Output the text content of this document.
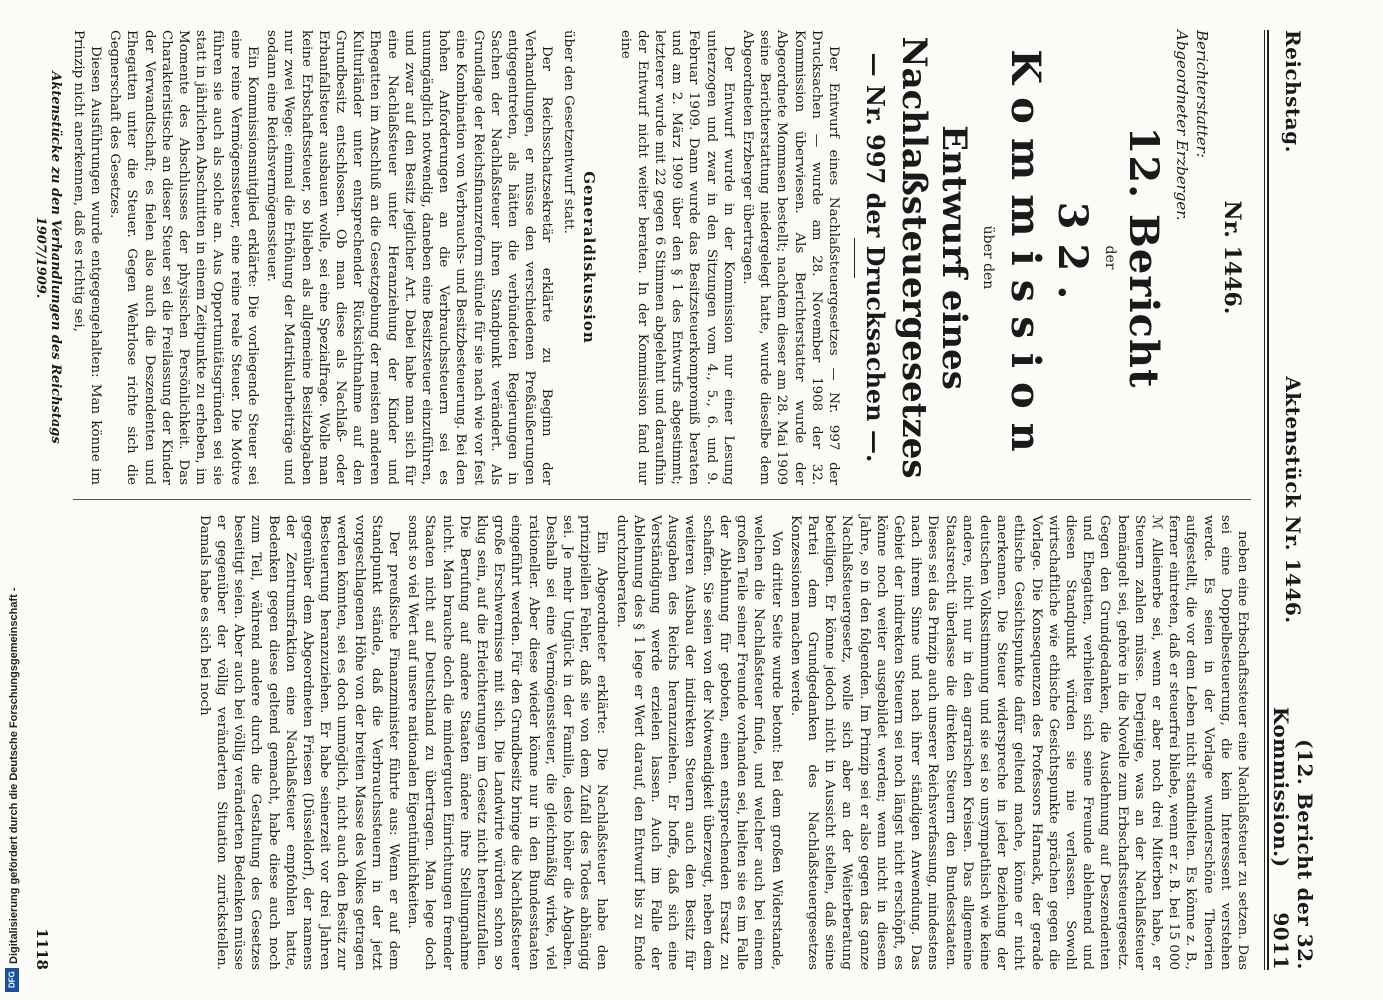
Reichstag.
Aktenstück Nr. 1446.
(12. Bericht der 32. Kommission.)      9011
Nr. 1446.
Berichterstatter:
Abgeordneter Erzberger.
12. Bericht
der
32. Kommission
über den
Entwurf eines Nachlaßsteuergesetzes
— Nr. 997 der Drucksachen —.

Der Entwurf eines Nachlaßsteuergesetzes — Nr. 997 der Drucksachen — wurde am 28. November 1908 der 32. Kommission überwiesen. Als Berichterstatter wurde der Abgeordnete Mommsen bestellt; nachdem dieser am 28. Mai 1909 seine Berichterstattung niedergelegt hatte, wurde dieselbe dem Abgeordneten Erzberger übertragen.

Der Entwurf wurde in der Kommission nur einer Lesung unterzogen und zwar in den Sitzungen vom 4., 5., 6. und 9. Februar 1909. Dann wurde das Besitzsteuerkompromiß beraten und am 2. März 1909 über den § 1 des Entwurfs abgestimmt; letzterer wurde mit 22 gegen 6 Stimmen abgelehnt und daraufhin der Entwurf nicht weiter beraten. In der Kommission fand nur eine

Generaldiskussion
über den Gesetzentwurf statt.

Der Reichsschatzsekretär erklärte zu Beginn der Verhandlungen, er müsse den verschiedenen Preßäußerungen entgegentreten, als hätten die verbündeten Regierungen in Sachen der Nachlaßsteuer ihren Standpunkt verändert. Als Grundlage der Reichsfinanzreform stünde für sie nach wie vor fest eine Kombination von Verbrauchs- und Besitzbesteuerung. Bei den hohen Anforderungen an die Verbrauchssteuern sei es unumgänglich notwendig, daneben eine Besitzsteuer einzuführen, und zwar auf den Besitz jeglicher Art. Dabei habe man sich für eine Nachlaßsteuer unter Heranziehung der Kinder und Ehegatten im Anschluß an die Gesetzgebung der meisten anderen Kulturländer unter entsprechender Rücksichtnahme auf den Grundbesitz entschlossen. Ob man diese als Nachlaß- oder Erbanfallsteuer ausbauen wolle, sei eine Spezialfrage. Wolle man keine Erbschaftssteuer, so blieben als allgemeine Besitzabgaben nur zwei Wege: einmal die Erhöhung der Matrikularbeiträge und sodann eine Reichsvermögenssteuer.

Ein Kommissionsmitglied erklärte: Die vorliegende Steuer sei eine reine Vermögenssteuer, eine reine reale Steuer. Die Motive führen sie auch als solche an. Aus Opportunitätsgründen sei sie statt in jährlichen Abschnitten in einem Zeitpunkte zu erheben, im Momente des Abschlusses der physischen Persönlichkeit. Das Charakteristische an dieser Steuer sei die Freilassung der Kinder der Verwandtschaft; es fielen also auch die Deszendenten und Ehegatten unter die Steuer. Gegen Wehrlose richte sich die Gegnerschaft des Gesetzes.

Diesen Ausführungen wurde entgegengehalten: Man könne im Prinzip nicht anerkennen, daß es richtig sei,

neben eine Erbschaftssteuer eine Nachlaßsteuer zu setzen. Das sei eine Doppelbesteuerung, die kein Interessent verstehen werde. Es seien in der Vorlage wunderschöne Theorien aufgestellt, die vor dem Leben nicht standhielten. Es könne z. B., ferner eintreten, daß er steuerfrei bliebe, wenn er z. B. bei 15 000 ℳ Alleinerbe sei, wenn er aber noch drei Miterben habe, er Steuern zahlen müsse. Derjenige, was an der Nachlaßsteuer bemängelt sei, gehöre in die Novelle zum Erbschaftssteuergesetz. Gegen den Grundgedanken, die Ausdehnung auf Deszendenten und Ehegatten, verhielten sich seine Freunde ablehnend und diesen Standpunkt würden sie nie verlassen. Sowohl wirtschaftliche wie ethische Gesichtspunkte sprächen gegen die Vorlage. Die Konsequenzen des Professors Harnack, der gerade ethische Gesichtspunkte dafür geltend mache, könne er nicht anerkennen. Die Steuer widerspreche in jeder Beziehung der deutschen Volksstimmung und sie sei so unsympathisch wie keine andere, nicht nur in den agrarischen Kreisen. Das allgemeine Staatsrecht überlasse die direkten Steuern den Bundesstaaten. Dieses sei das Prinzip auch unserer Reichsverfassung, mindestens nach ihrem Sinne und nach ihrer ständigen Anwendung. Das Gebiet der indirekten Steuern sei noch längst nicht erschöpft, es könne noch weiter ausgebildet werden; wenn nicht in diesem Jahre, so in den folgenden. Im Prinzip sei er also gegen das ganze Nachlaßsteuergesetz, wolle sich aber an der Weiterberatung beteiligen. Er könne jedoch nicht in Aussicht stellen, daß seine Partei dem Grundgedanken des Nachlaßsteuergesetzes Konzessionen machen werde.

Von dritter Seite wurde betont: Bei dem großen Widerstande, welchen die Nachlaßsteuer finde, und welcher auch bei einem großen Teile seiner Freunde vorhanden sei, hielten sie es im Falle der Ablehnung für geboten, einen entsprechenden Ersatz zu schaffen. Sie seien von der Notwendigkeit überzeugt, neben dem weiteren Ausbau der indirekten Steuern auch den Besitz für Ausgaben des Reichs heranzuziehen. Er hoffe, daß sich eine Verständigung werde erzielen lassen. Auch im Falle der Ablehnung des § 1 lege er Wert darauf, den Entwurf bis zu Ende durchzuberaten.

Ein Abgeordneter erklärte: Die Nachlaßsteuer habe den prinzipiellen Fehler, daß sie von dem Zufall des Todes abhängig sei. Je mehr Unglück in der Familie, desto höher die Abgaben. Deshalb sei eine Vermögenssteuer, die gleichmäßig wirke, viel rationeller. Aber diese wieder könne nur in den Bundesstaaten eingeführt werden. Für den Grundbesitz bringe die Nachlaßsteuer große Erschwernisse mit sich. Die Landwirte würden schon so klug sein, auf die Erleichterungen im Gesetz nicht hereinzufallen. Die Berufung auf andere Staaten ändere ihre Stellungnahme nicht. Man brauche doch die minderguten Einrichtungen fremder Staaten nicht auf Deutschland zu übertragen. Man lege doch sonst so viel Wert auf unsere nationalen Eigentümlichkeiten.

Der preußische Finanzminister führte aus: Wenn er auf dem Standpunkt stände, daß die Verbrauchssteuern in der jetzt vorgeschlagenen Höhe von der breiten Masse des Volkes getragen werden könnten, sei es doch unmöglich, nicht auch den Besitz zur Besteuerung heranzuziehen. Er habe seinerzeit vor drei Jahren gegenüber dem Abgeordneten Friesen (Düsseldorf), der namens der Zentrumsfraktion eine Nachlaßsteuer empfohlen hatte, Bedenken gegen diese geltend gemacht, habe diese auch noch zum Teil, während andere durch die Gestaltung des Gesetzes beseitigt seien. Aber auch bei völlig veränderten Bedenken müsse er gegenüber der völlig veränderten Situation zurückstellen. Damals habe es sich bei noch

Aktenstücke zu den Verhandlungen des Reichstags 1907/1909.
1118
Digitalisierung gefördert durch die Deutsche Forschungsgemeinschaft -
DFG
